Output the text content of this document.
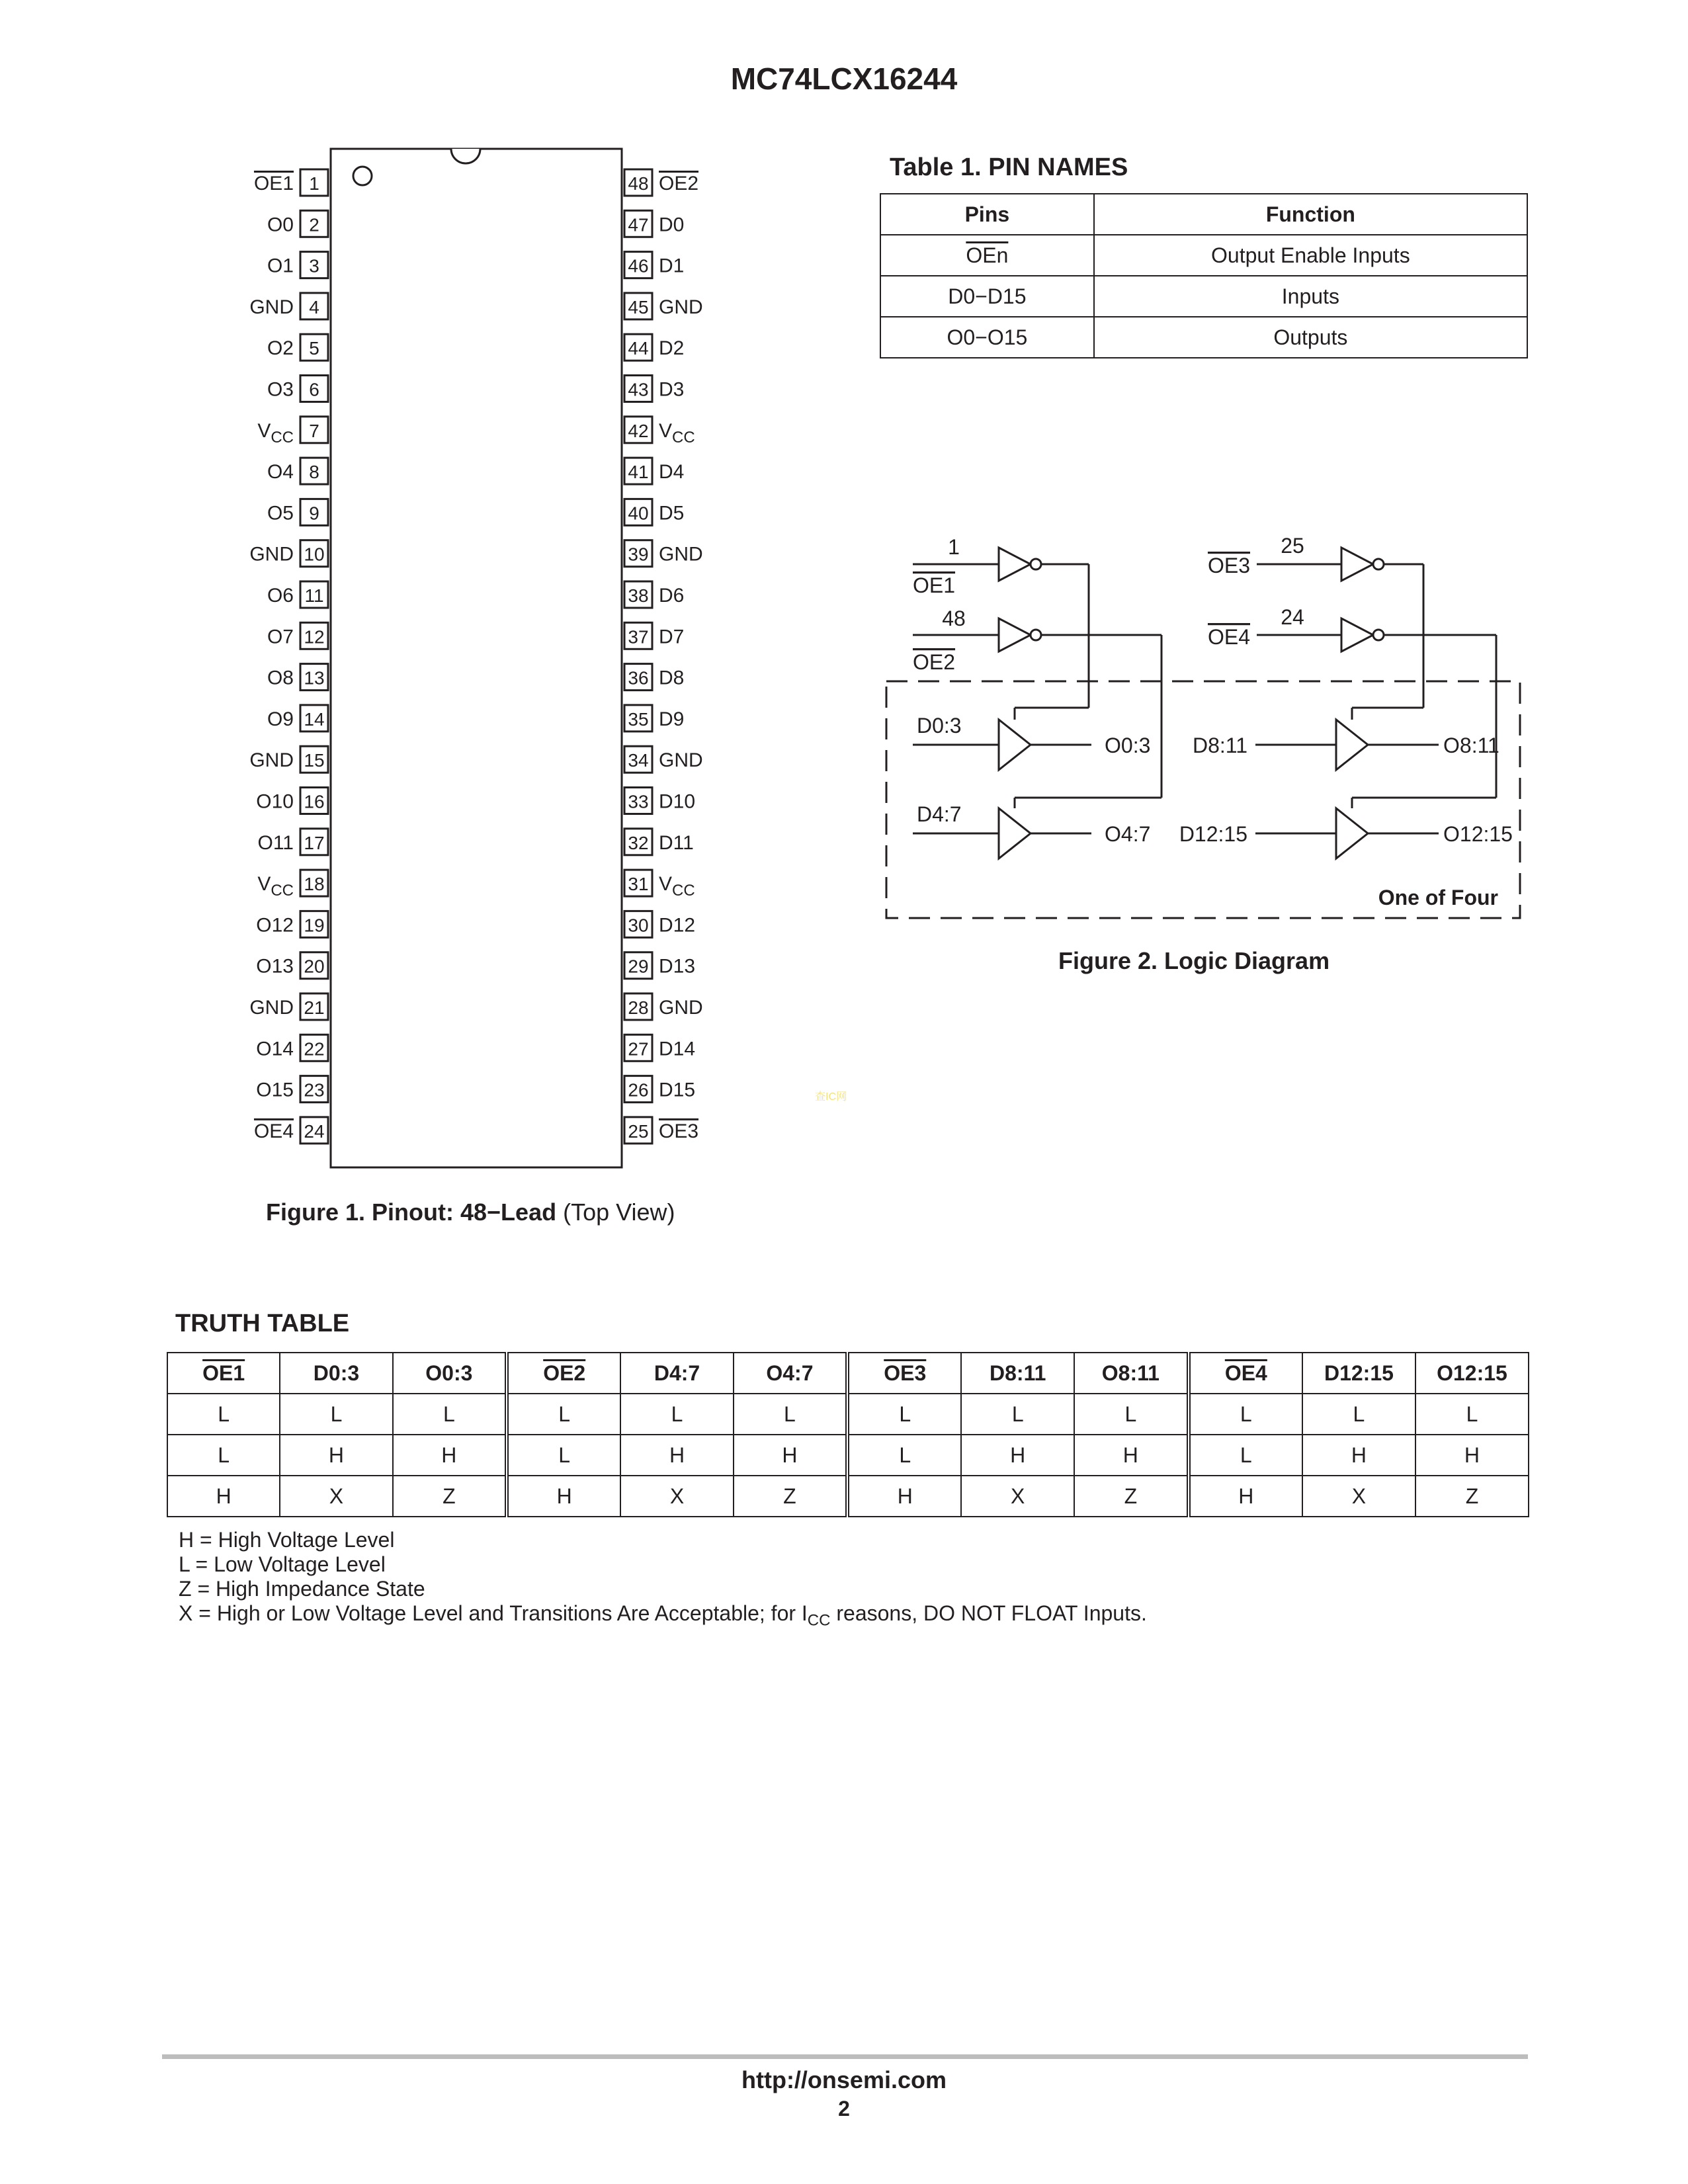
MC74LCX16244
1
OE1
2
O0
3
O1
4
GND
5
O2
6
O3
7
$V_{CC}$
8
O4
9
O5
10
GND
11
O6
12
O7
13
O8
14
O9
15
GND
16
O10
17
O11
18
$V_{CC}$
19
O12
20
O13
21
GND
22
O14
23
O15
24
OE4
48 OE2
47 D0
46 D1
45 GND
44 D2
43 D3
42 $V_{CC}$
41 D4
40 D5
39 GND
38 D6
37 D7
36 D8
35 D9
34 GND
33 D10
32 D11
31 $V_{CC}$
30 D12
29 D13
28 GND
27 D14
26 D15
25 OE3
Figure 1. Pinout: 48−Lead (Top View)
Table 1. PIN NAMES
Pins	Function
$\overline{OEn}$	Output Enable Inputs
D0−D15	Inputs
O0−O15	Outputs
1
OE1
48
OE2
25
OE3
24
OE4
D0:3
O0:3
D4:7
O4:7
D8:11	O8:11
D12:15	O12:15
One of Four
Figure 2. Logic Diagram
查IC网
TRUTH TABLE
OE1	D0:3	O0:3	OE2	D4:7	O4:7	OE3	D8:11	O8:11	OE4	D12:15	O12:15
L	L	L	L	L	L	L	L	L	L	L	L
L	H	H	L	H	H	L	H	H	L	H	H
H	X	Z	H	X	Z	H	X	Z	H	X	Z
H = High Voltage Level
L = Low Voltage Level
Z = High Impedance State
X = High or Low Voltage Level and Transitions Are Acceptable; for $I_{CC}$ reasons, DO NOT FLOAT Inputs.
http://onsemi.com
2
